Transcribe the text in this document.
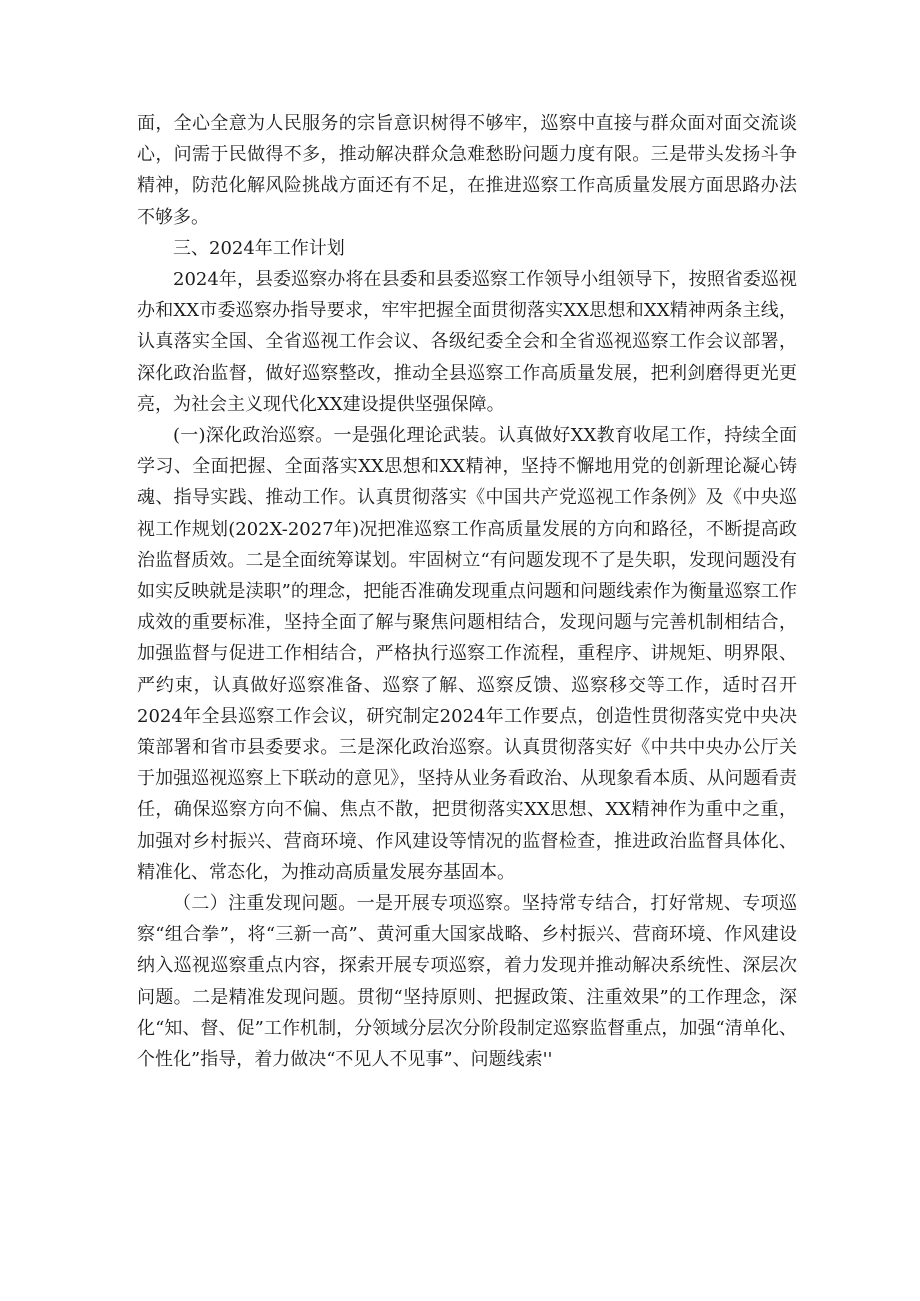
面，全心全意为人民服务的宗旨意识树得不够牢，巡察中直接与群众面对面交流谈心，问需于民做得不多，推动解决群众急难愁盼问题力度有限。三是带头发扬斗争精神，防范化解风险挑战方面还有不足，在推进巡察工作高质量发展方面思路办法不够多。

三、2024年工作计划

2024年，县委巡察办将在县委和县委巡察工作领导小组领导下，按照省委巡视办和XX市委巡察办指导要求，牢牢把握全面贯彻落实XX思想和XX精神两条主线，认真落实全国、全省巡视工作会议、各级纪委全会和全省巡视巡察工作会议部署，深化政治监督，做好巡察整改，推动全县巡察工作高质量发展，把利剑磨得更光更亮，为社会主义现代化XX建设提供坚强保障。

(一)深化政治巡察。一是强化理论武装。认真做好XX教育收尾工作，持续全面学习、全面把握、全面落实XX思想和XX精神，坚持不懈地用党的创新理论凝心铸魂、指导实践、推动工作。认真贯彻落实《中国共产党巡视工作条例》及《中央巡视工作规划(202X-2027年)况把准巡察工作高质量发展的方向和路径，不断提高政治监督质效。二是全面统筹谋划。牢固树立“有问题发现不了是失职，发现问题没有如实反映就是渎职”的理念，把能否准确发现重点问题和问题线索作为衡量巡察工作成效的重要标准，坚持全面了解与聚焦问题相结合，发现问题与完善机制相结合，加强监督与促进工作相结合，严格执行巡察工作流程，重程序、讲规矩、明界限、严约束，认真做好巡察准备、巡察了解、巡察反馈、巡察移交等工作，适时召开2024年全县巡察工作会议，研究制定2024年工作要点，创造性贯彻落实党中央决策部署和省市县委要求。三是深化政治巡察。认真贯彻落实好《中共中央办公厅关于加强巡视巡察上下联动的意见》，坚持从业务看政治、从现象看本质、从问题看责任，确保巡察方向不偏、焦点不散，把贯彻落实XX思想、XX精神作为重中之重，加强对乡村振兴、营商环境、作风建设等情况的监督检查，推进政治监督具体化、精准化、常态化，为推动高质量发展夯基固本。

（二）注重发现问题。一是开展专项巡察。坚持常专结合，打好常规、专项巡察“组合拳”，将“三新一高”、黄河重大国家战略、乡村振兴、营商环境、作风建设纳入巡视巡察重点内容，探索开展专项巡察，着力发现并推动解决系统性、深层次问题。二是精准发现问题。贯彻“坚持原则、把握政策、注重效果”的工作理念，深化“知、督、促”工作机制，分领域分层次分阶段制定巡察监督重点，加强“清单化、个性化”指导，着力做决“不见人不见事”、问题线索''
